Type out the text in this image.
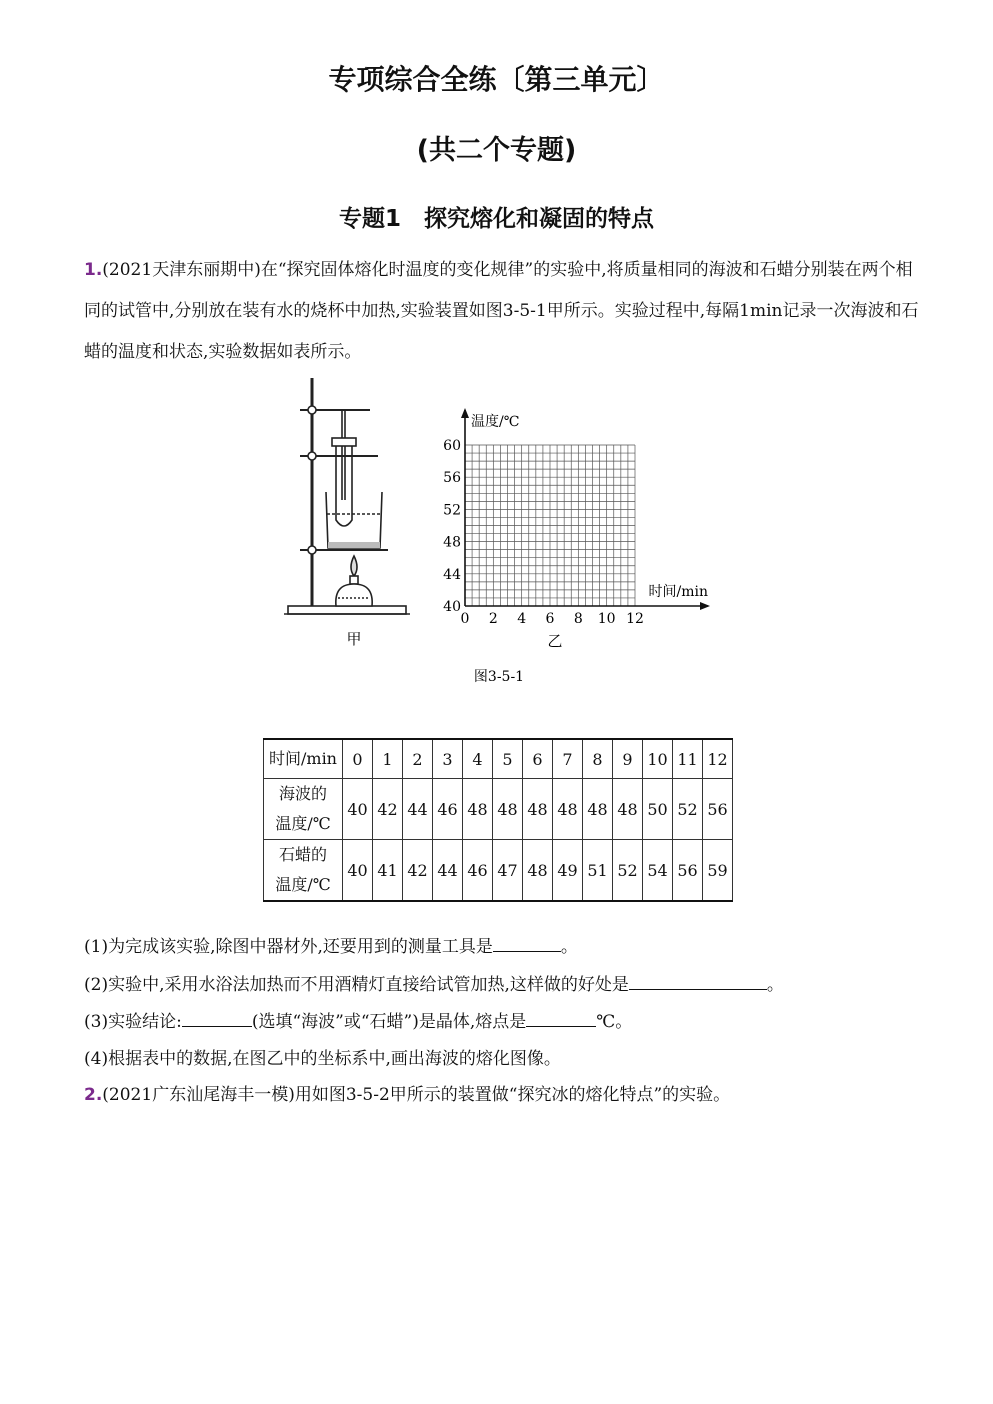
专项综合全练〔第三单元〕
(共二个专题)
专题1　探究熔化和凝固的特点
1.(2021天津东丽期中)在“探究固体熔化时温度的变化规律”的实验中,将质量相同的海波和石蜡分别装在两个相同的试管中,分别放在装有水的烧杯中加热,实验装置如图3-5-1甲所示。实验过程中,每隔1min记录一次海波和石蜡的温度和状态,实验数据如表所示。
甲
40
44
48
52
56
60
0 2 4 6 8 10 12
温度/℃
时间/min
乙
图3-5-1
时间/min	0	1	2	3	4	5	6	7	8	9	10	11	12
海波的
温度/℃	40	42	44	46	48	48	48	48	48	48	50	52	56
石蜡的
温度/℃	40	41	42	44	46	47	48	49	51	52	54	56	59
(1)为完成该实验,除图中器材外,还要用到的测量工具是	。
(2)实验中,采用水浴法加热而不用酒精灯直接给试管加热,这样做的好处是	。
(3)实验结论:	(选填“海波”或“石蜡”)是晶体,熔点是	℃。
(4)根据表中的数据,在图乙中的坐标系中,画出海波的熔化图像。
2.(2021广东汕尾海丰一模)用如图3-5-2甲所示的装置做“探究冰的熔化特点”的实验。
